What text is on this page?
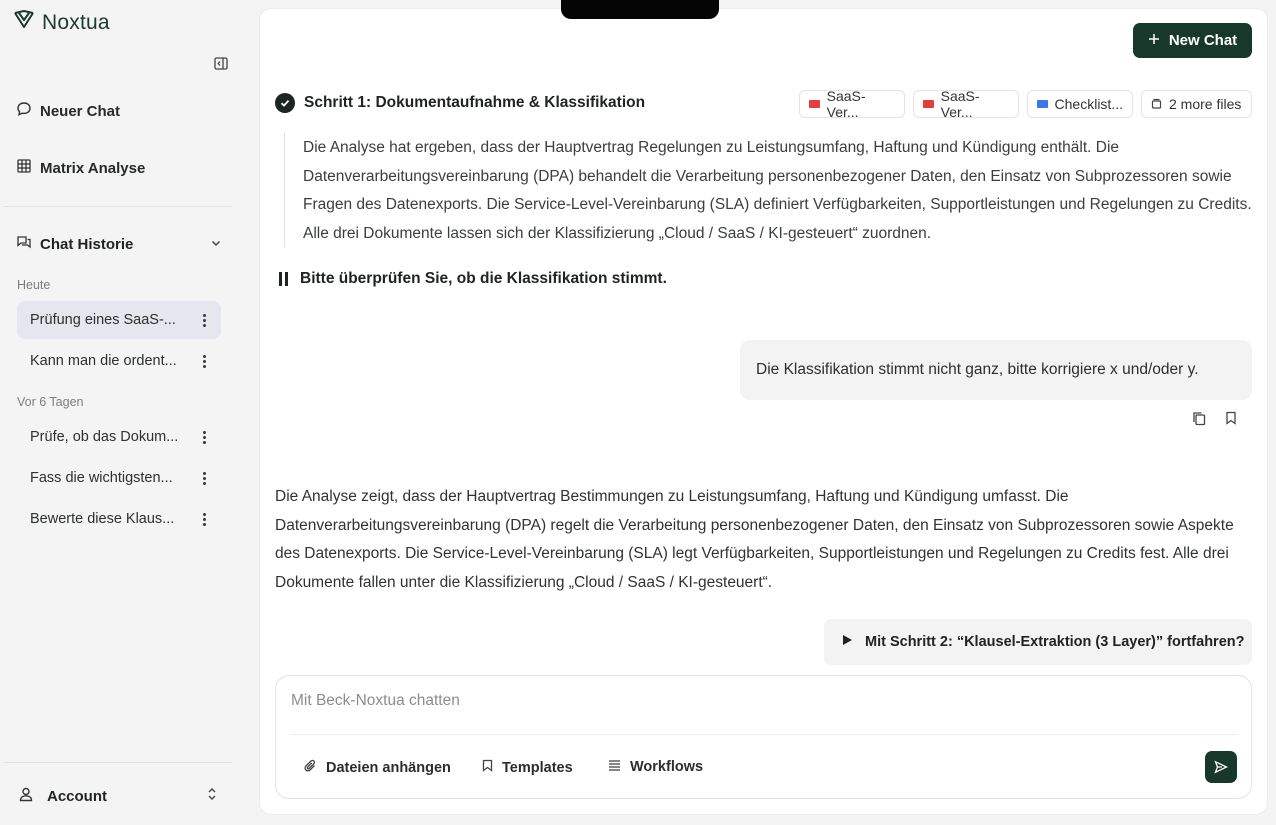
Noxtua
Neuer Chat
Matrix Analyse
Chat Historie
Heute
Prüfung eines SaaS-...
Kann man die ordent...
Vor 6 Tagen
Prüfe, ob das Dokum...
Fass die wichtigsten...
Bewerte diese Klaus...
Account
New Chat
Schritt 1: Dokumentaufnahme & Klassifikation	SaaS-Ver...
SaaS-Ver...	Checklist...	2 more files

Die Analyse hat ergeben, dass der Hauptvertrag Regelungen zu Leistungsumfang, Haftung und Kündigung enthält. Die Datenverarbeitungsvereinbarung (DPA) behandelt die Verarbeitung personenbezogener Daten, den Einsatz von Subprozessoren sowie Fragen des Datenexports. Die Service-Level-Vereinbarung (SLA) definiert Verfügbarkeiten, Supportleistungen und Regelungen zu Credits. Alle drei Dokumente lassen sich der Klassifizierung „Cloud / SaaS / KI-gesteuert“ zuordnen.

Bitte überprüfen Sie, ob die Klassifikation stimmt.
Die Klassifikation stimmt nicht ganz, bitte korrigiere x und/oder y.

Die Analyse zeigt, dass der Hauptvertrag Bestimmungen zu Leistungsumfang, Haftung und Kündigung umfasst. Die Datenverarbeitungsvereinbarung (DPA) regelt die Verarbeitung personenbezogener Daten, den Einsatz von Subprozessoren sowie Aspekte des Datenexports. Die Service-Level-Vereinbarung (SLA) legt Verfügbarkeiten, Supportleistungen und Regelungen zu Credits fest. Alle drei Dokumente fallen unter die Klassifizierung „Cloud / SaaS / KI-gesteuert“.

Mit Schritt 2: “Klausel-Extraktion (3 Layer)” fortfahren?
Mit Beck-Noxtua chatten
Dateien anhängen	Templates	Workflows
